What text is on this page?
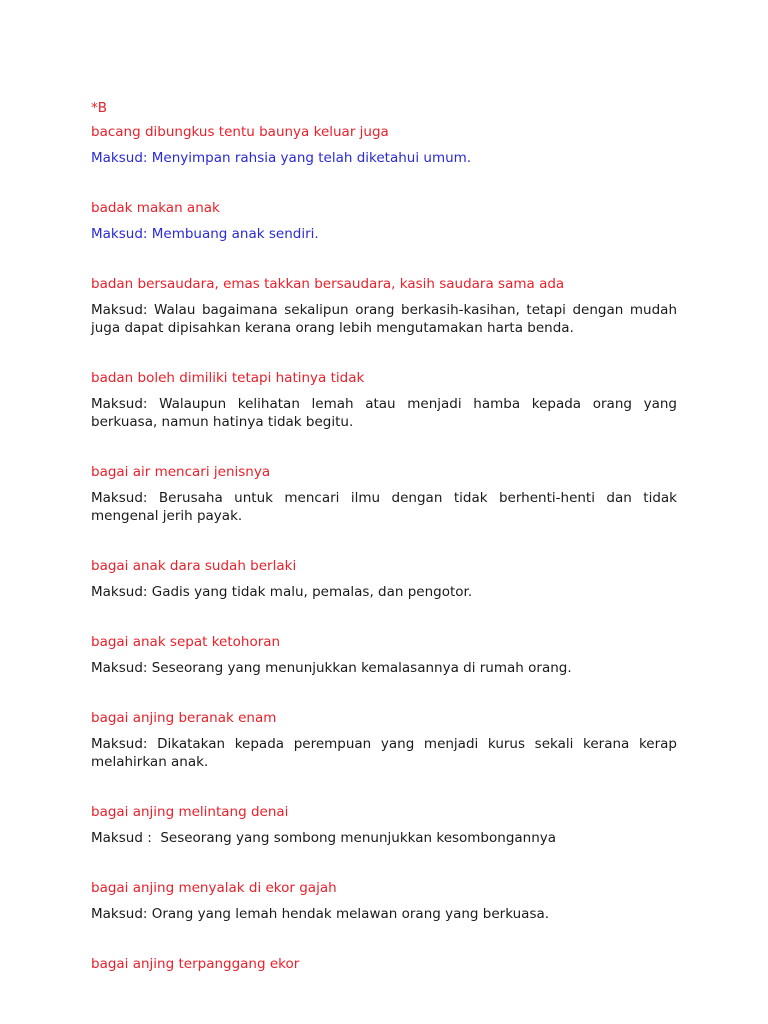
*B

bacang dibungkus tentu baunya keluar juga

Maksud: Menyimpan rahsia yang telah diketahui umum.

badak makan anak

Maksud: Membuang anak sendiri.

badan bersaudara, emas takkan bersaudara, kasih saudara sama ada

Maksud: Walau bagaimana sekalipun orang berkasih-kasihan, tetapi dengan mudah juga dapat dipisahkan kerana orang lebih mengutamakan harta benda.

badan boleh dimiliki tetapi hatinya tidak

Maksud: Walaupun kelihatan lemah atau menjadi hamba kepada orang yang berkuasa, namun hatinya tidak begitu.

bagai air mencari jenisnya

Maksud: Berusaha untuk mencari ilmu dengan tidak berhenti-henti dan tidak mengenal jerih payak.

bagai anak dara sudah berlaki

Maksud: Gadis yang tidak malu, pemalas, dan pengotor.

bagai anak sepat ketohoran

Maksud: Seseorang yang menunjukkan kemalasannya di rumah orang.

bagai anjing beranak enam

Maksud: Dikatakan kepada perempuan yang menjadi kurus sekali kerana kerap melahirkan anak.

bagai anjing melintang denai

Maksud :  Seseorang yang sombong menunjukkan kesombongannya

bagai anjing menyalak di ekor gajah

Maksud: Orang yang lemah hendak melawan orang yang berkuasa.

bagai anjing terpanggang ekor
